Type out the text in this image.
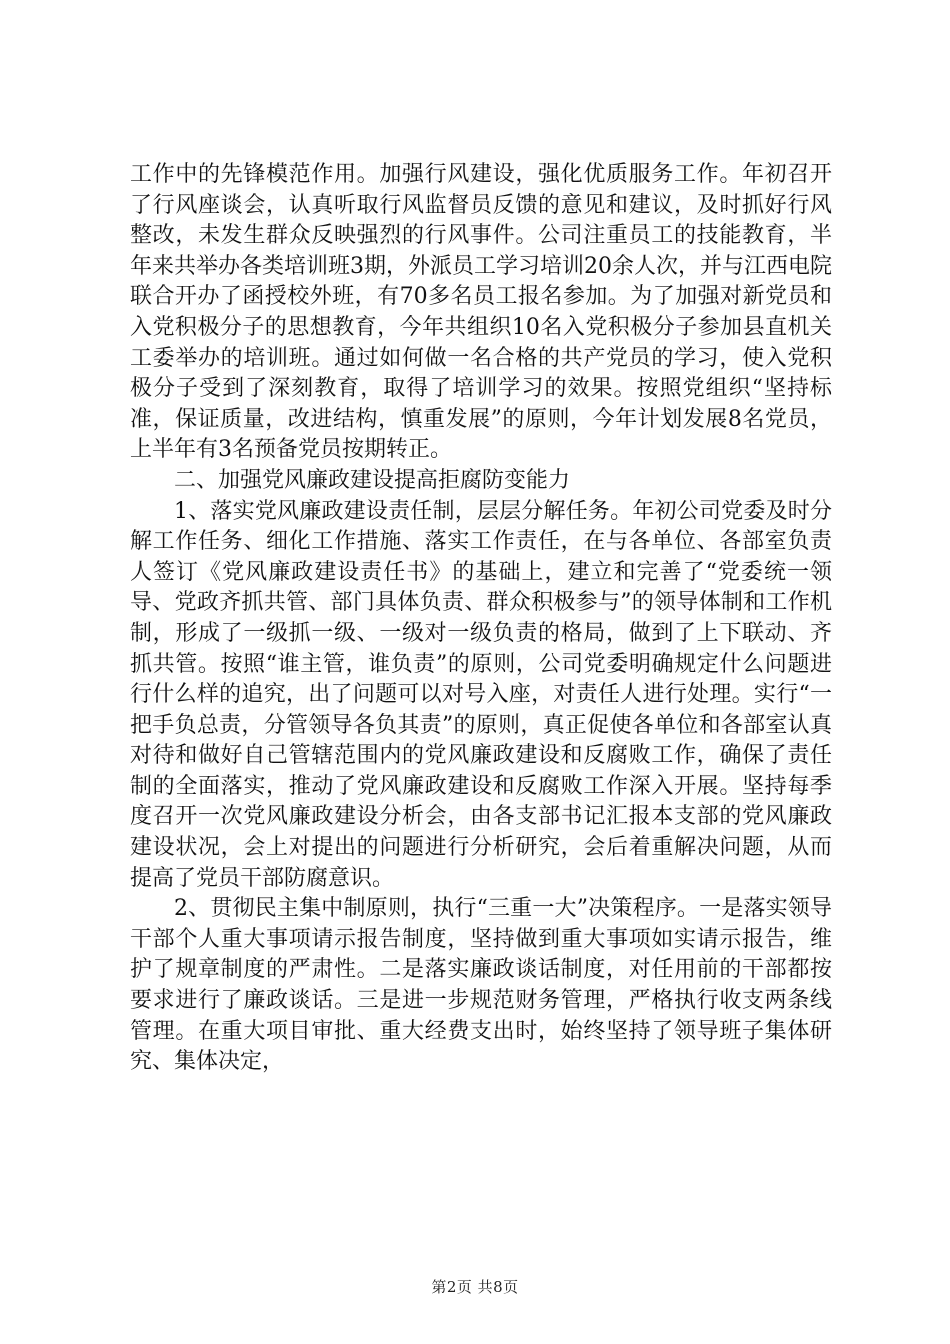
工作中的先锋模范作用。加强行风建设，强化优质服务工作。年初召开了行风座谈会，认真听取行风监督员反馈的意见和建议，及时抓好行风整改，未发生群众反映强烈的行风事件。公司注重员工的技能教育，半年来共举办各类培训班3期，外派员工学习培训20余人次，并与江西电院联合开办了函授校外班，有70多名员工报名参加。为了加强对新党员和入党积极分子的思想教育，今年共组织10名入党积极分子参加县直机关工委举办的培训班。通过如何做一名合格的共产党员的学习，使入党积极分子受到了深刻教育，取得了培训学习的效果。按照党组织“坚持标准，保证质量，改进结构，慎重发展”的原则，今年计划发展8名党员，上半年有3名预备党员按期转正。

二、加强党风廉政建设提高拒腐防变能力

1、落实党风廉政建设责任制，层层分解任务。年初公司党委及时分解工作任务、细化工作措施、落实工作责任，在与各单位、各部室负责人签订《党风廉政建设责任书》的基础上，建立和完善了“党委统一领导、党政齐抓共管、部门具体负责、群众积极参与”的领导体制和工作机制，形成了一级抓一级、一级对一级负责的格局，做到了上下联动、齐抓共管。按照“谁主管，谁负责”的原则，公司党委明确规定什么问题进行什么样的追究，出了问题可以对号入座，对责任人进行处理。实行“一把手负总责，分管领导各负其责”的原则，真正促使各单位和各部室认真对待和做好自己管辖范围内的党风廉政建设和反腐败工作，确保了责任制的全面落实，推动了党风廉政建设和反腐败工作深入开展。坚持每季度召开一次党风廉政建设分析会，由各支部书记汇报本支部的党风廉政建设状况，会上对提出的问题进行分析研究，会后着重解决问题，从而提高了党员干部防腐意识。

2、贯彻民主集中制原则，执行“三重一大”决策程序。一是落实领导干部个人重大事项请示报告制度，坚持做到重大事项如实请示报告，维护了规章制度的严肃性。二是落实廉政谈话制度，对任用前的干部都按要求进行了廉政谈话。三是进一步规范财务管理，严格执行收支两条线管理。在重大项目审批、重大经费支出时，始终坚持了领导班子集体研究、集体决定，

第2页 共8页
